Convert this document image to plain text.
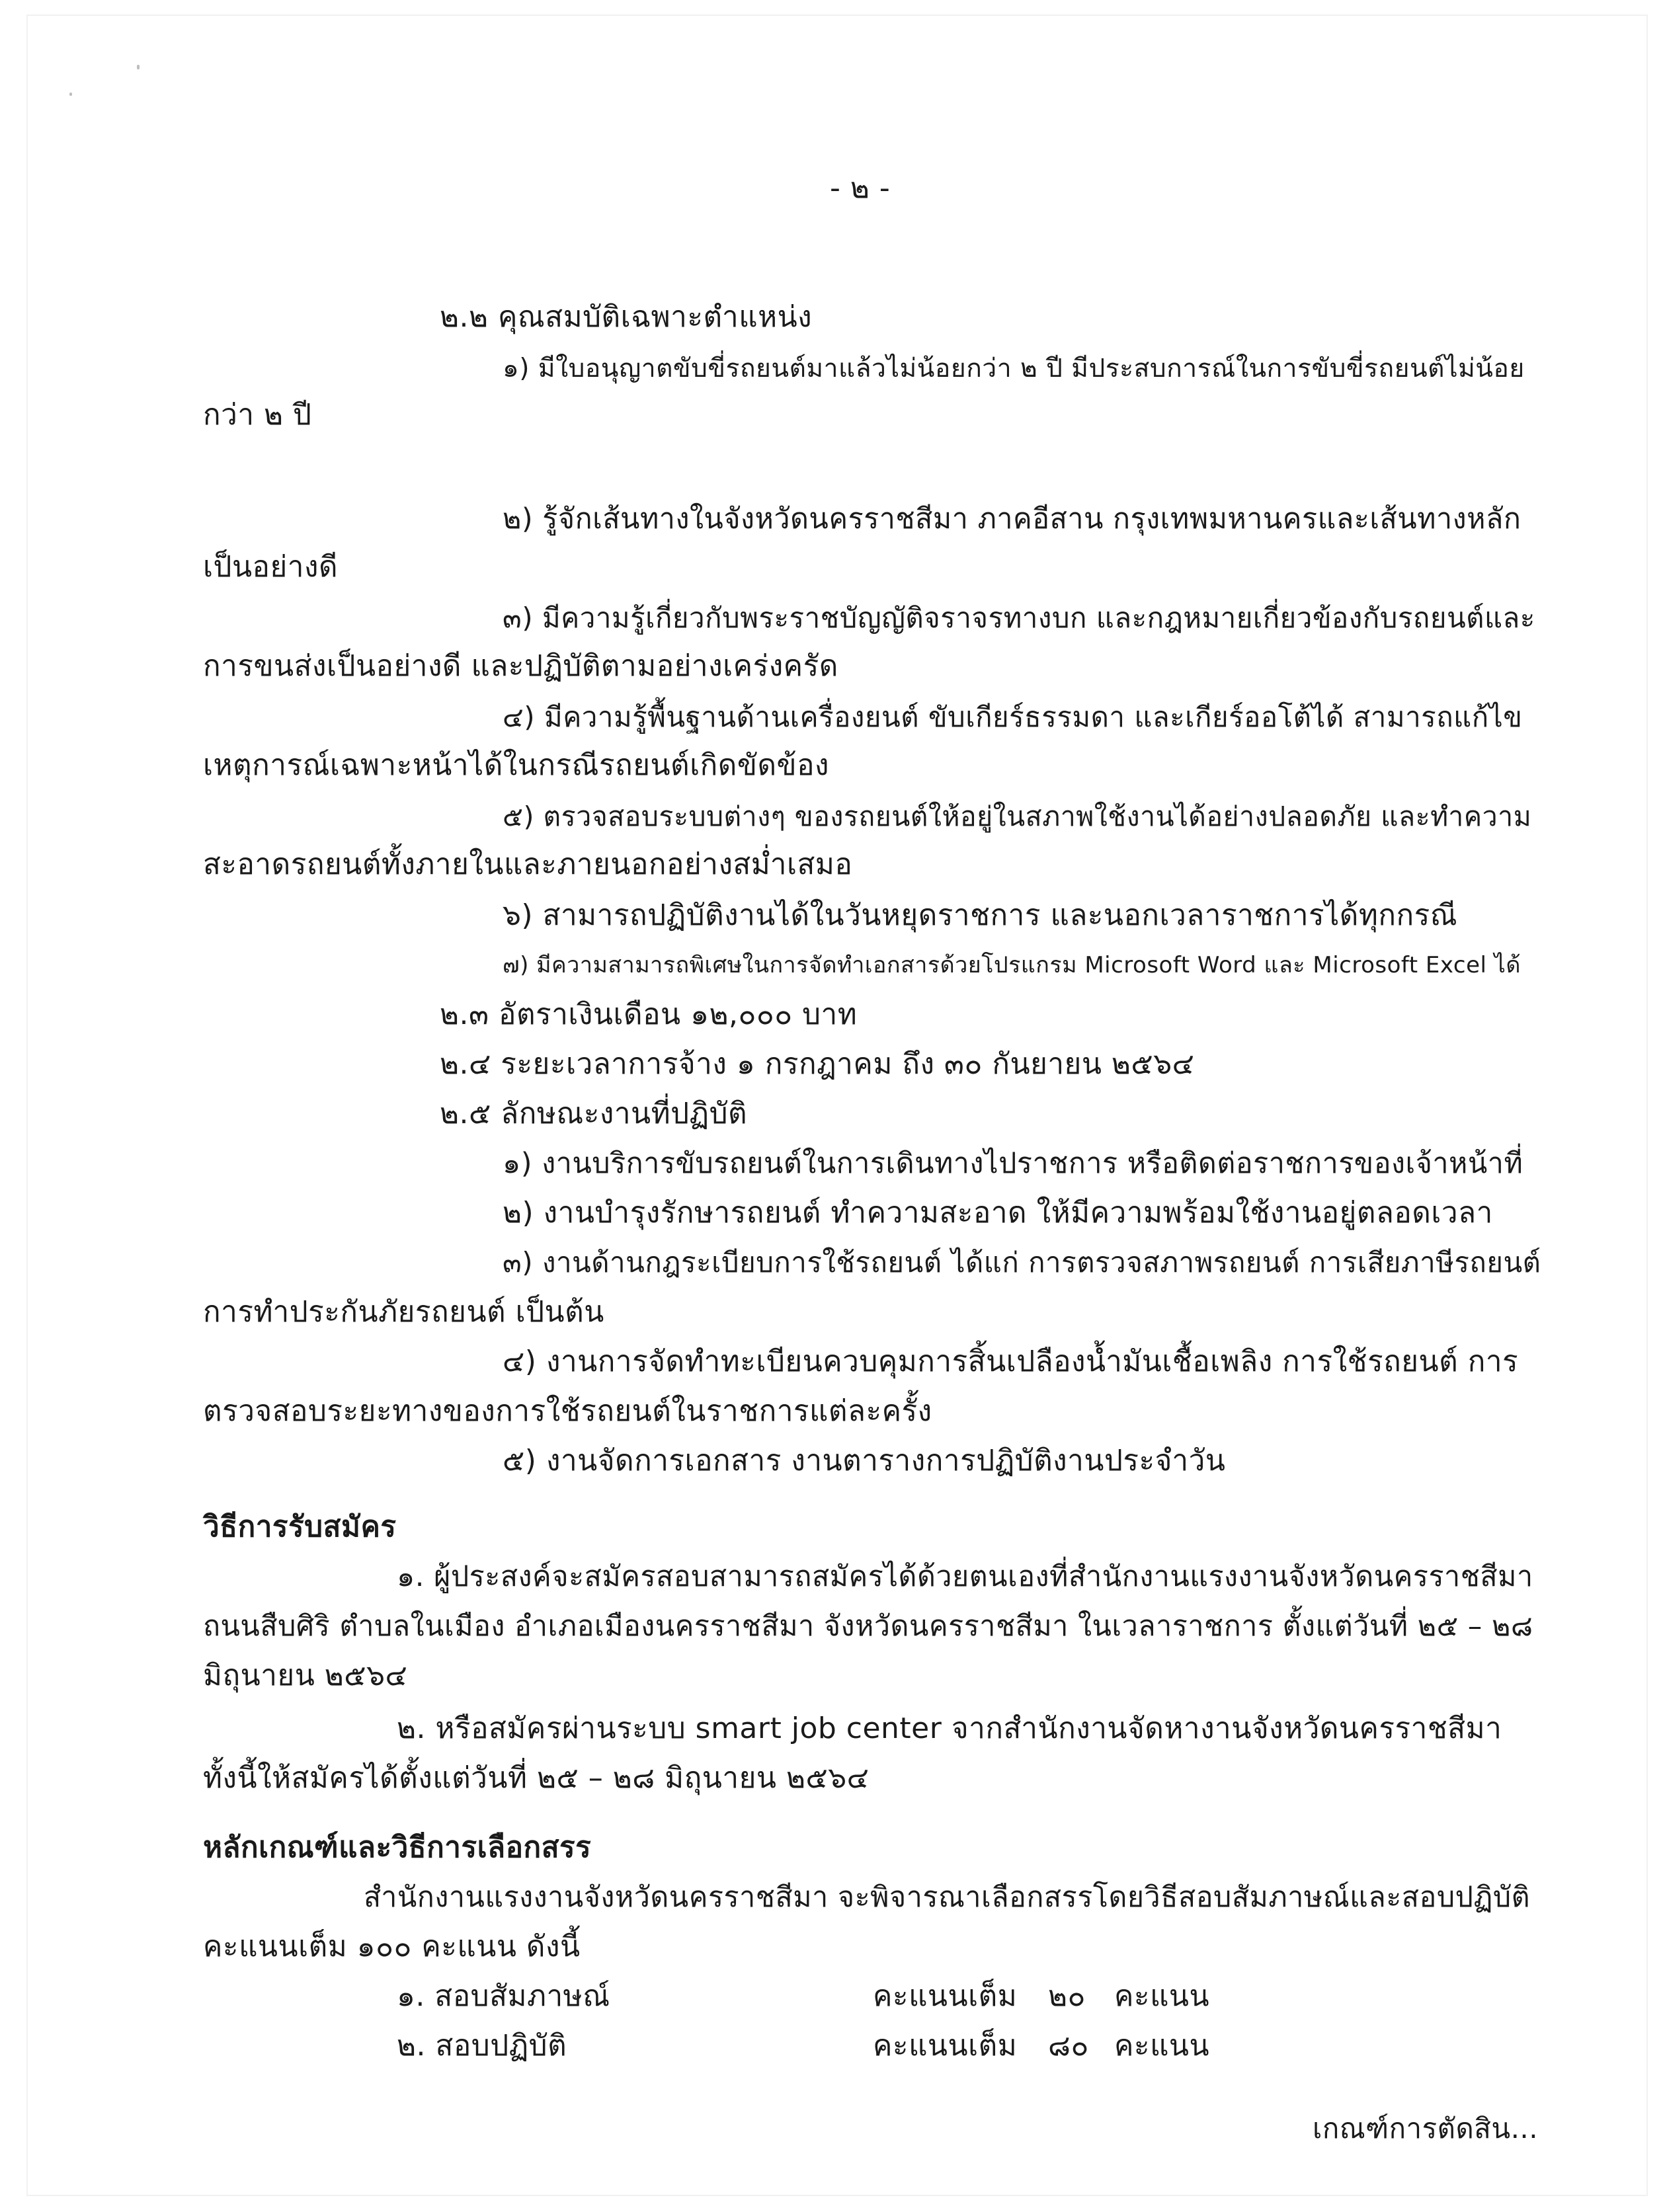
- ๒ -
๒.๒ คุณสมบัติเฉพาะตำแหน่ง
๑) มีใบอนุญาตขับขี่รถยนต์มาแล้วไม่น้อยกว่า ๒ ปี มีประสบการณ์ในการขับขี่รถยนต์ไม่น้อย
กว่า ๒ ปี
๒) รู้จักเส้นทางในจังหวัดนครราชสีมา ภาคอีสาน กรุงเทพมหานครและเส้นทางหลัก
เป็นอย่างดี
๓) มีความรู้เกี่ยวกับพระราชบัญญัติจราจรทางบก และกฎหมายเกี่ยวข้องกับรถยนต์และ
การขนส่งเป็นอย่างดี และปฏิบัติตามอย่างเคร่งครัด
๔) มีความรู้พื้นฐานด้านเครื่องยนต์ ขับเกียร์ธรรมดา และเกียร์ออโต้ได้ สามารถแก้ไข
เหตุการณ์เฉพาะหน้าได้ในกรณีรถยนต์เกิดขัดข้อง
๕) ตรวจสอบระบบต่างๆ ของรถยนต์ให้อยู่ในสภาพใช้งานได้อย่างปลอดภัย และทำความ
สะอาดรถยนต์ทั้งภายในและภายนอกอย่างสม่ำเสมอ
๖) สามารถปฏิบัติงานได้ในวันหยุดราชการ และนอกเวลาราชการได้ทุกกรณี
๗) มีความสามารถพิเศษในการจัดทำเอกสารด้วยโปรแกรม Microsoft Word และ Microsoft Excel ได้
๒.๓ อัตราเงินเดือน ๑๒,๐๐๐ บาท
๒.๔ ระยะเวลาการจ้าง ๑ กรกฎาคม ถึง ๓๐ กันยายน ๒๕๖๔
๒.๕ ลักษณะงานที่ปฏิบัติ
๑) งานบริการขับรถยนต์ในการเดินทางไปราชการ หรือติดต่อราชการของเจ้าหน้าที่
๒) งานบำรุงรักษารถยนต์ ทำความสะอาด ให้มีความพร้อมใช้งานอยู่ตลอดเวลา
๓) งานด้านกฎระเบียบการใช้รถยนต์ ได้แก่ การตรวจสภาพรถยนต์ การเสียภาษีรถยนต์
การทำประกันภัยรถยนต์ เป็นต้น
๔) งานการจัดทำทะเบียนควบคุมการสิ้นเปลืองน้ำมันเชื้อเพลิง การใช้รถยนต์ การ
ตรวจสอบระยะทางของการใช้รถยนต์ในราชการแต่ละครั้ง
๕) งานจัดการเอกสาร งานตารางการปฏิบัติงานประจำวัน
วิธีการรับสมัคร
๑. ผู้ประสงค์จะสมัครสอบสามารถสมัครได้ด้วยตนเองที่สำนักงานแรงงานจังหวัดนครราชสีมา
ถนนสืบศิริ ตำบลในเมือง อำเภอเมืองนครราชสีมา จังหวัดนครราชสีมา ในเวลาราชการ ตั้งแต่วันที่ ๒๕ – ๒๘
มิถุนายน ๒๕๖๔
๒. หรือสมัครผ่านระบบ smart job center จากสำนักงานจัดหางานจังหวัดนครราชสีมา
ทั้งนี้ให้สมัครได้ตั้งแต่วันที่ ๒๕ – ๒๘ มิถุนายน ๒๕๖๔
หลักเกณฑ์และวิธีการเลือกสรร
สำนักงานแรงงานจังหวัดนครราชสีมา จะพิจารณาเลือกสรรโดยวิธีสอบสัมภาษณ์และสอบปฏิบัติ
คะแนนเต็ม ๑๐๐ คะแนน ดังนี้
๑. สอบสัมภาษณ์	คะแนนเต็ม ๒๐ คะแนน
๒. สอบปฏิบัติ	คะแนนเต็ม ๘๐ คะแนน
เกณฑ์การตัดสิน...
